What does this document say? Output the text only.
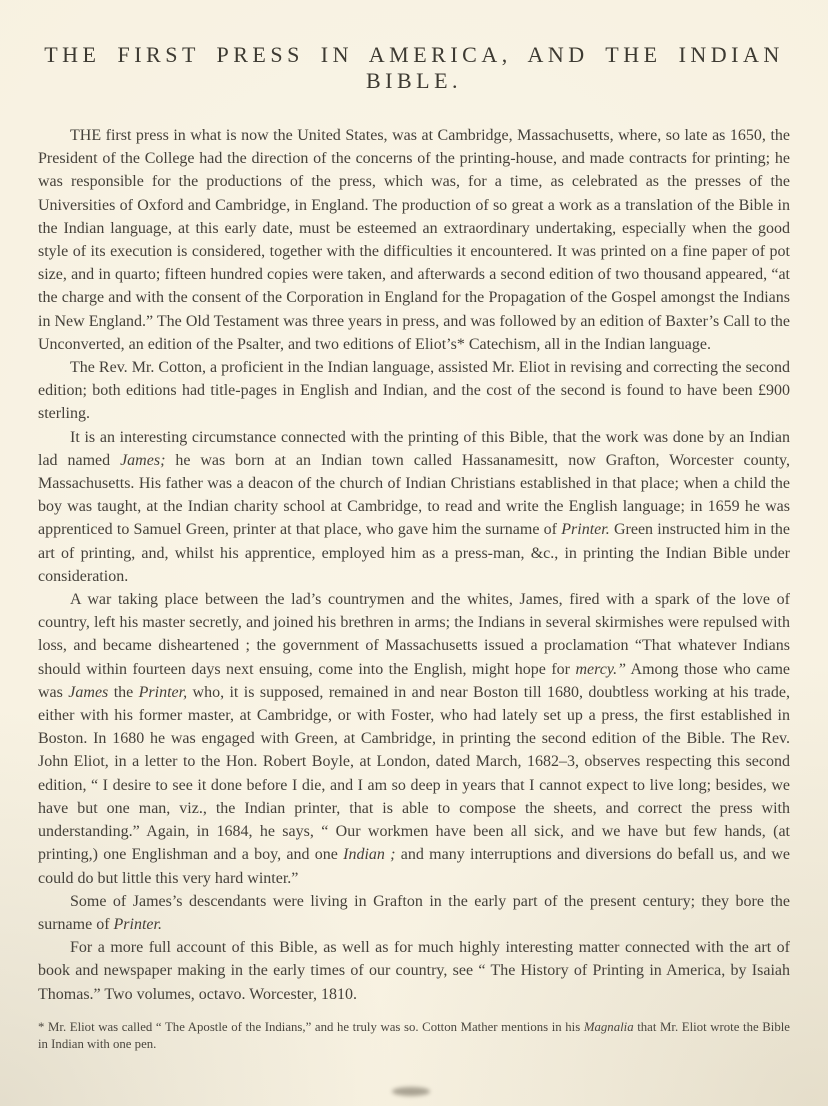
THE FIRST PRESS IN AMERICA, AND THE INDIAN BIBLE.

THE first press in what is now the United States, was at Cambridge, Massachusetts, where, so late as 1650, the President of the College had the direction of the concerns of the printing-house, and made contracts for printing; he was responsible for the productions of the press, which was, for a time, as celebrated as the presses of the Universities of Oxford and Cambridge, in England. The production of so great a work as a translation of the Bible in the Indian language, at this early date, must be esteemed an extraordinary undertaking, especially when the good style of its execution is considered, together with the difficulties it encountered. It was printed on a fine paper of pot size, and in quarto; fifteen hundred copies were taken, and afterwards a second edition of two thousand appeared, “at the charge and with the consent of the Corporation in England for the Propagation of the Gospel amongst the Indians in New England.” The Old Testament was three years in press, and was followed by an edition of Baxter’s Call to the Unconverted, an edition of the Psalter, and two editions of Eliot’s* Catechism, all in the Indian language.

The Rev. Mr. Cotton, a proficient in the Indian language, assisted Mr. Eliot in revising and correcting the second edition; both editions had title-pages in English and Indian, and the cost of the second is found to have been £900 sterling.

It is an interesting circumstance connected with the printing of this Bible, that the work was done by an Indian lad named James; he was born at an Indian town called Hassanamesitt, now Grafton, Worcester county, Massachusetts. His father was a deacon of the church of Indian Christians established in that place; when a child the boy was taught, at the Indian charity school at Cambridge, to read and write the English language; in 1659 he was apprenticed to Samuel Green, printer at that place, who gave him the surname of Printer. Green instructed him in the art of printing, and, whilst his apprentice, employed him as a press-man, &c., in printing the Indian Bible under consideration.

A war taking place between the lad’s countrymen and the whites, James, fired with a spark of the love of country, left his master secretly, and joined his brethren in arms; the Indians in several skirmishes were repulsed with loss, and became disheartened ; the government of Massachusetts issued a proclamation “That whatever Indians should within fourteen days next ensuing, come into the English, might hope for mercy.” Among those who came was James the Printer, who, it is supposed, remained in and near Boston till 1680, doubtless working at his trade, either with his former master, at Cambridge, or with Foster, who had lately set up a press, the first established in Boston. In 1680 he was engaged with Green, at Cambridge, in printing the second edition of the Bible. The Rev. John Eliot, in a letter to the Hon. Robert Boyle, at London, dated March, 1682–3, observes respecting this second edition, “ I desire to see it done before I die, and I am so deep in years that I cannot expect to live long; besides, we have but one man, viz., the Indian printer, that is able to compose the sheets, and correct the press with understanding.” Again, in 1684, he says, “ Our workmen have been all sick, and we have but few hands, (at printing,) one Englishman and a boy, and one Indian ; and many interruptions and diversions do befall us, and we could do but little this very hard winter.”

Some of James’s descendants were living in Grafton in the early part of the present century; they bore the surname of Printer.

For a more full account of this Bible, as well as for much highly interesting matter connected with the art of book and newspaper making in the early times of our country, see “ The History of Printing in America, by Isaiah Thomas.” Two volumes, octavo. Worcester, 1810.

* Mr. Eliot was called “ The Apostle of the Indians,” and he truly was so. Cotton Mather mentions in his Magnalia that Mr. Eliot wrote the Bible in Indian with one pen.
